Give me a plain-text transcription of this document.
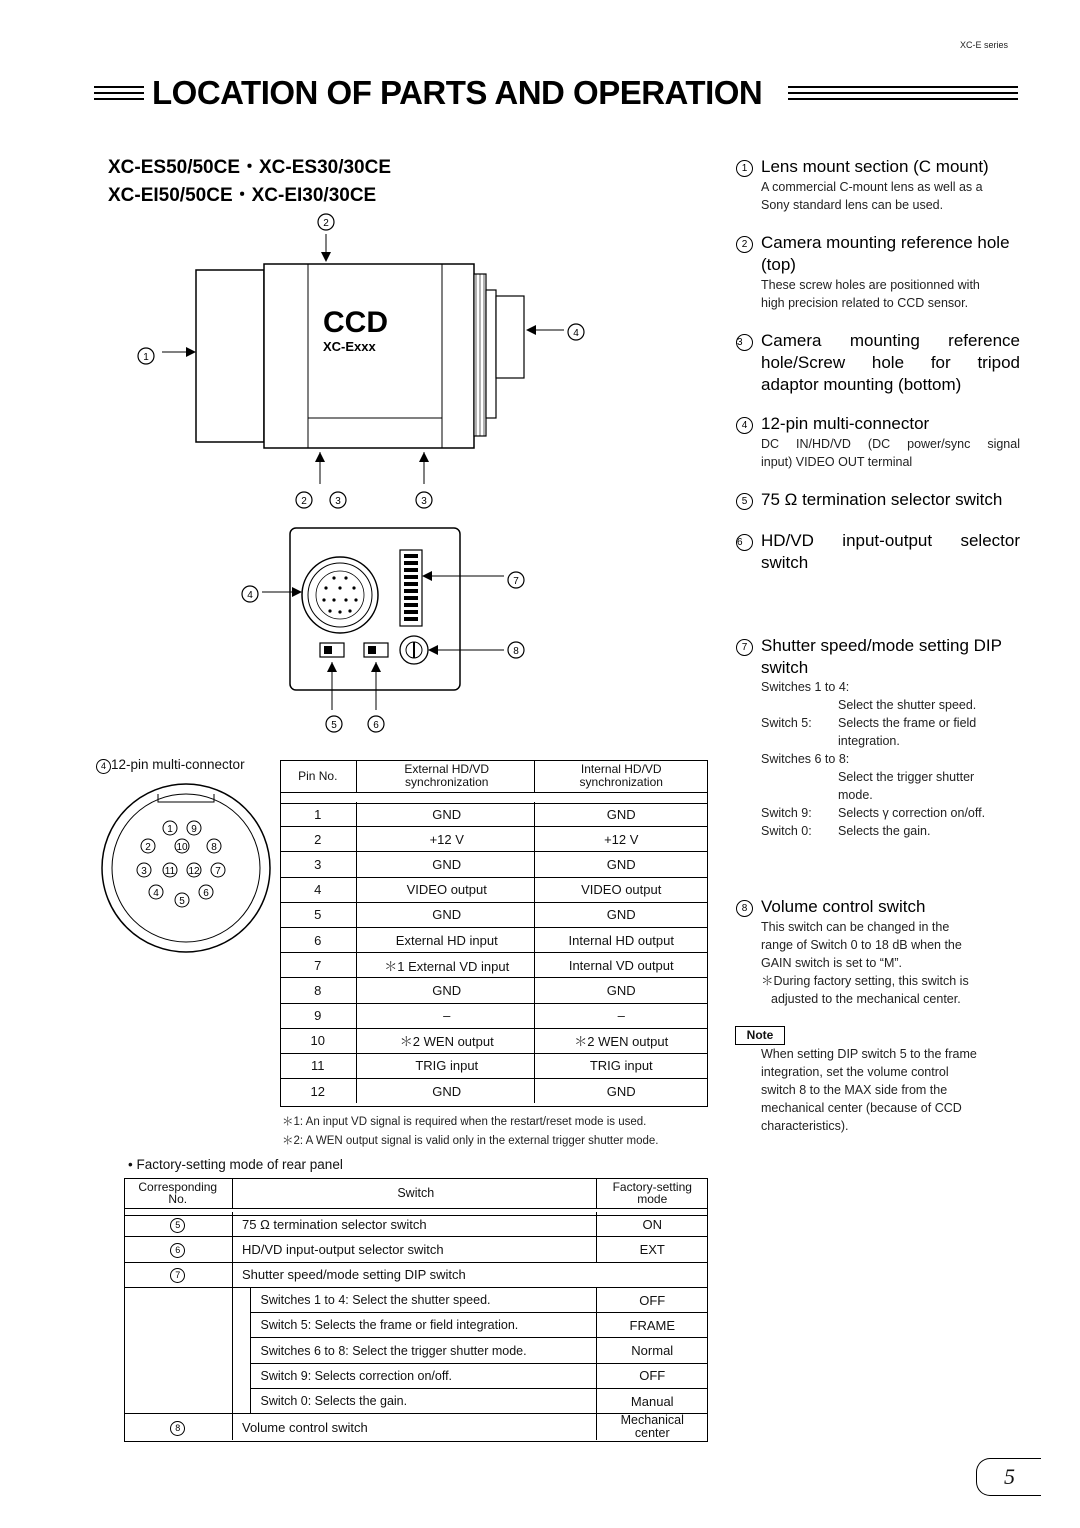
XC-E series
LOCATION OF PARTS AND OPERATION
XC-ES50/50CE・XC-ES30/30CE
XC-EI50/50CE・XC-EI30/30CE
CCD
XC-Exxx
2
1
4
2	3	3
4
7
8
5	6
4 12-pin multi-connector
1 9
2	10 8
3 11 12 7
4
5
6
Pin No.		External HD/VD
synchronization	Internal HD/VD
synchronization

1		GND	GND
2		+12 V	+12 V
3		GND	GND
4		VIDEO output	VIDEO output
5		GND	GND
6		External HD input	Internal HD output
7		＊1 External VD input	Internal VD output
8		GND	GND
9		–	–
10		＊2 WEN output	＊2 WEN output
11		TRIG input	TRIG input
12		GND	GND
＊1: An input VD signal is required when the restart/reset mode is used.
＊2: A WEN output signal is valid only in the external trigger shutter mode.
• Factory-setting mode of rear panel
Corresponding
No.		Switch	Factory-setting
mode

5		75 Ω termination selector switch		ON
6		HD/VD input-output selector switch		EXT
7		Shutter speed/mode setting DIP switch		
			Switches 1 to 4: Select the shutter speed.	OFF
			Switch 5: Selects the frame or field integration.	FRAME
			Switches 6 to 8: Select the trigger shutter mode.	Normal
			Switch 9: Selects correction on/off.	OFF
			Switch 0: Selects the gain.	Manual
8		Volume control switch		Mechanical
center
1 Lens mount section (C mount)
A commercial C-mount lens as well as a
Sony standard lens can be used.
2 Camera mounting reference hole
(top)
These screw holes are positionned with
high precision related to CCD sensor.
3 Camera mounting reference
hole/Screw hole for tripod
adaptor mounting (bottom)
4 12-pin multi-connector
DC IN/HD/VD (DC power/sync signal
input) VIDEO OUT terminal
5 75 Ω termination selector switch
6 HD/VD input-output selector
switch
7 Shutter speed/mode setting DIP
switch
8 Volume control switch
This switch can be changed in the
range of Switch 0 to 18 dB when the
GAIN switch is set to “M”.
＊During factory setting, this switch is
adjusted to the mechanical center.
Switches 1 to 4:
Select the shutter speed.
Switch 5:	Selects the frame or field
integration.
Switches 6 to 8:
Select the trigger shutter
mode.
Switch 9:	Selects γ correction on/off.
Switch 0:	Selects the gain.
Note
When setting DIP switch 5 to the frame
integration, set the volume control
switch 8 to the MAX side from the
mechanical center (because of CCD
characteristics).
5
